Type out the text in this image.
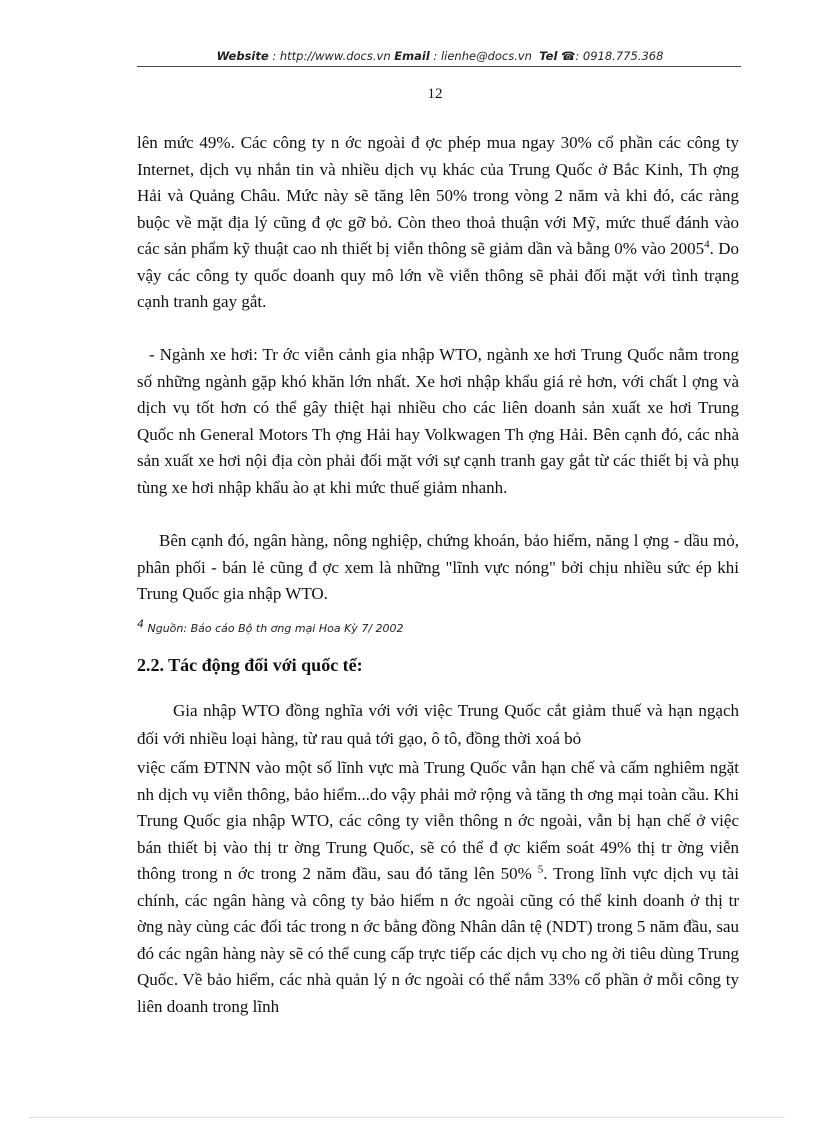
Website : http://www.docs.vn Email : lienhe@docs.vn Tel ☎: 0918.775.368
12

lên mức 49%. Các công ty n ớc ngoài đ ợc phép mua ngay 30% cổ phần các công ty Internet, dịch vụ nhắn tin và nhiều dịch vụ khác của Trung Quốc ở Bắc Kinh, Th ợng Hải và Quảng Châu. Mức này sẽ tăng lên 50% trong vòng 2 năm và khi đó, các ràng buộc về mặt địa lý cũng đ ợc gỡ bỏ. Còn theo thoả thuận với Mỹ, mức thuế đánh vào các sản phẩm kỹ thuật cao nh thiết bị viễn thông sẽ giảm dần và bằng 0% vào 2005$^4$. Do vậy các công ty quốc doanh quy mô lớn về viễn thông sẽ phải đối mặt với tình trạng cạnh tranh gay gắt.

- Ngành xe hơi: Tr ớc viễn cảnh gia nhập WTO, ngành xe hơi Trung Quốc nằm trong số những ngành gặp khó khăn lớn nhất. Xe hơi nhập khẩu giá rẻ hơn, với chất l ợng và dịch vụ tốt hơn có thể gây thiệt hại nhiều cho các liên doanh sản xuất xe hơi Trung Quốc nh General Motors Th ợng Hải hay Volkwagen Th ợng Hải. Bên cạnh đó, các nhà sản xuất xe hơi nội địa còn phải đối mặt với sự cạnh tranh gay gắt từ các thiết bị và phụ tùng xe hơi nhập khẩu ào ạt khi mức thuế giảm nhanh.

Bên cạnh đó, ngân hàng, nông nghiệp, chứng khoán, bảo hiểm, năng l ợng - dầu mỏ, phân phối - bán lẻ cũng đ ợc xem là những "lĩnh vực nóng" bởi chịu nhiều sức ép khi Trung Quốc gia nhập WTO.

$^4$ Nguồn: Báo cáo Bộ th ơng mại Hoa Kỳ 7/ 2002
2.2. Tác động đối với quốc tế:

Gia nhập WTO đồng nghĩa với với việc Trung Quốc cắt giảm thuế và hạn ngạch đối với nhiều loại hàng, từ rau quả tới gạo, ô tô, đồng thời xoá bỏ

việc cấm ĐTNN vào một số lĩnh vực mà Trung Quốc vẫn hạn chế và cấm nghiêm ngặt nh dịch vụ viễn thông, bảo hiểm...do vậy phải mở rộng và tăng th ơng mại toàn cầu. Khi Trung Quốc gia nhập WTO, các công ty viễn thông n ớc ngoài, vẫn bị hạn chế ở việc bán thiết bị vào thị tr ờng Trung Quốc, sẽ có thể đ ợc kiểm soát 49% thị tr ờng viễn thông trong n ớc trong 2 năm đầu, sau đó tăng lên 50% $^5$. Trong lĩnh vực dịch vụ tài chính, các ngân hàng và công ty bảo hiểm n ớc ngoài cũng có thể kinh doanh ở thị tr ờng này cùng các đối tác trong n ớc bằng đồng Nhân dân tệ (NDT) trong 5 năm đầu, sau đó các ngân hàng này sẽ có thể cung cấp trực tiếp các dịch vụ cho ng ời tiêu dùng Trung Quốc. Về bảo hiểm, các nhà quản lý n ớc ngoài có thể nắm 33% cổ phần ở mỗi công ty liên doanh trong lĩnh
